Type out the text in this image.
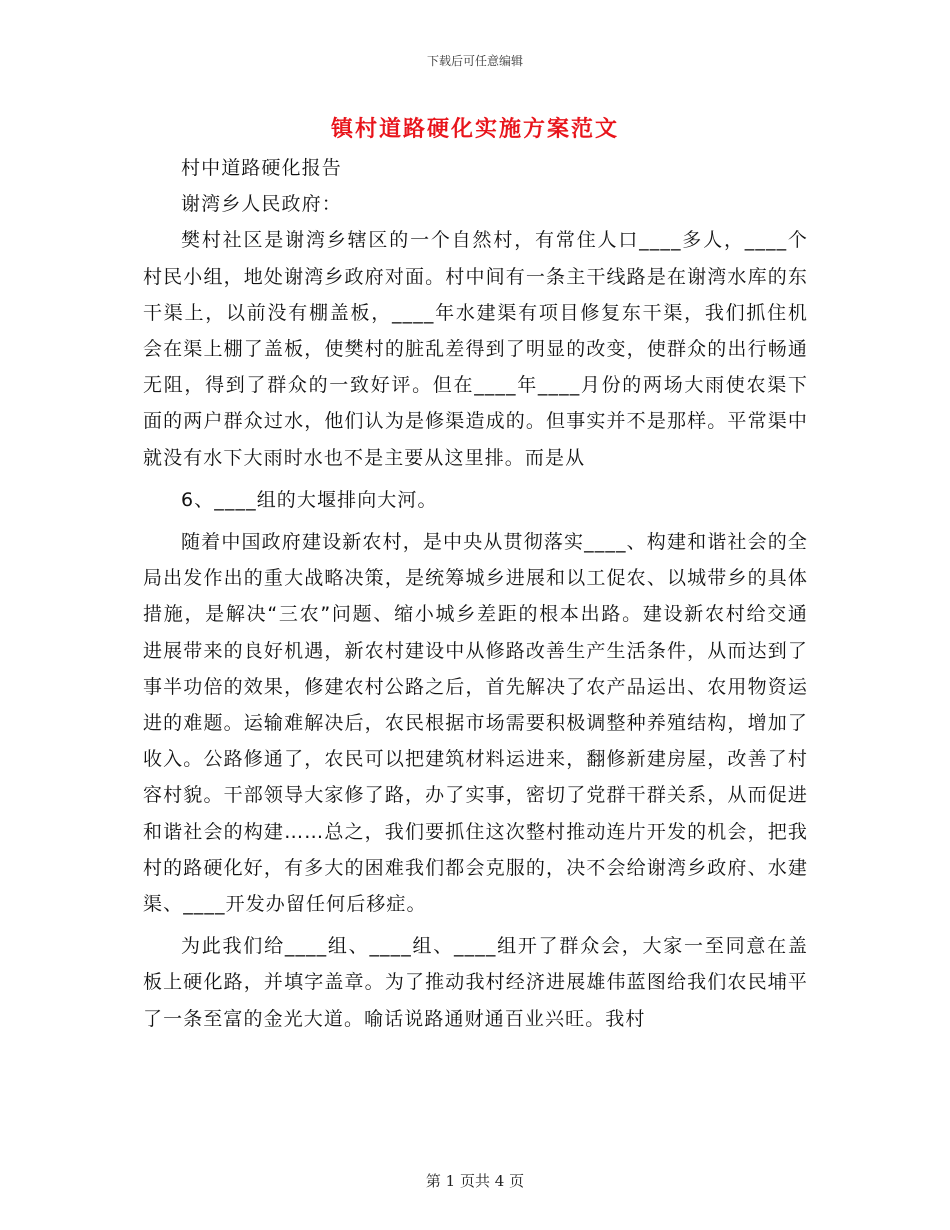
下载后可任意编辑
镇村道路硬化实施方案范文

村中道路硬化报告

谢湾乡人民政府：

樊村社区是谢湾乡辖区的一个自然村，有常住人口____多人，____个村民小组，地处谢湾乡政府对面。村中间有一条主干线路是在谢湾水库的东干渠上，以前没有棚盖板，____年水建渠有项目修复东干渠，我们抓住机会在渠上棚了盖板，使樊村的脏乱差得到了明显的改变，使群众的出行畅通无阻，得到了群众的一致好评。但在____年____月份的两场大雨使农渠下面的两户群众过水，他们认为是修渠造成的。但事实并不是那样。平常渠中就没有水下大雨时水也不是主要从这里排。而是从

6、____组的大堰排向大河。

随着中国政府建设新农村，是中央从贯彻落实____、构建和谐社会的全局出发作出的重大战略决策，是统筹城乡进展和以工促农、以城带乡的具体措施，是解决“三农”问题、缩小城乡差距的根本出路。建设新农村给交通进展带来的良好机遇，新农村建设中从修路改善生产生活条件，从而达到了事半功倍的效果，修建农村公路之后，首先解决了农产品运出、农用物资运进的难题。运输难解决后，农民根据市场需要积极调整种养殖结构，增加了收入。公路修通了，农民可以把建筑材料运进来，翻修新建房屋，改善了村容村貌。干部领导大家修了路，办了实事，密切了党群干群关系，从而促进和谐社会的构建……总之，我们要抓住这次整村推动连片开发的机会，把我村的路硬化好，有多大的困难我们都会克服的，决不会给谢湾乡政府、水建渠、____开发办留任何后移症。

为此我们给____组、____组、____组开了群众会，大家一至同意在盖板上硬化路，并填字盖章。为了推动我村经济进展雄伟蓝图给我们农民埔平了一条至富的金光大道。喻话说路通财通百业兴旺。我村

第 1 页共 4 页
